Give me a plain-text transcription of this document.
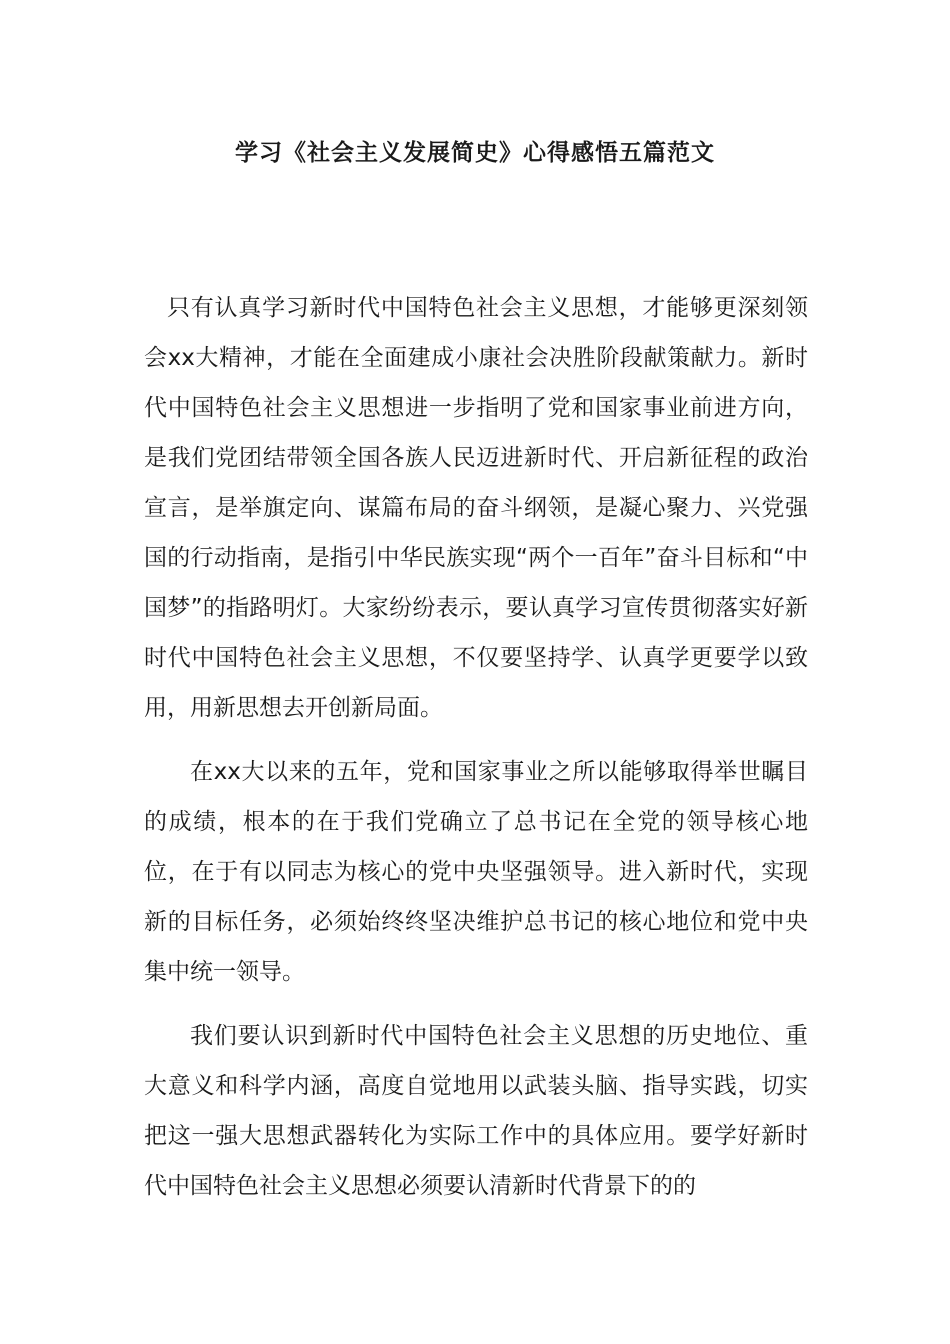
学习《社会主义发展简史》心得感悟五篇范文

只有认真学习新时代中国特色社会主义思想，才能够更深刻领会xx大精神，才能在全面建成小康社会决胜阶段献策献力。新时代中国特色社会主义思想进一步指明了党和国家事业前进方向，是我们党团结带领全国各族人民迈进新时代、开启新征程的政治宣言，是举旗定向、谋篇布局的奋斗纲领，是凝心聚力、兴党强国的行动指南，是指引中华民族实现“两个一百年”奋斗目标和“中国梦”的指路明灯。大家纷纷表示，要认真学习宣传贯彻落实好新时代中国特色社会主义思想，不仅要坚持学、认真学更要学以致用，用新思想去开创新局面。

在xx大以来的五年，党和国家事业之所以能够取得举世瞩目的成绩，根本的在于我们党确立了总书记在全党的领导核心地位，在于有以同志为核心的党中央坚强领导。进入新时代，实现新的目标任务，必须始终终坚决维护总书记的核心地位和党中央集中统一领导。

我们要认识到新时代中国特色社会主义思想的历史地位、重大意义和科学内涵，高度自觉地用以武装头脑、指导实践，切实把这一强大思想武器转化为实际工作中的具体应用。要学好新时代中国特色社会主义思想必须要认清新时代背景下的的
